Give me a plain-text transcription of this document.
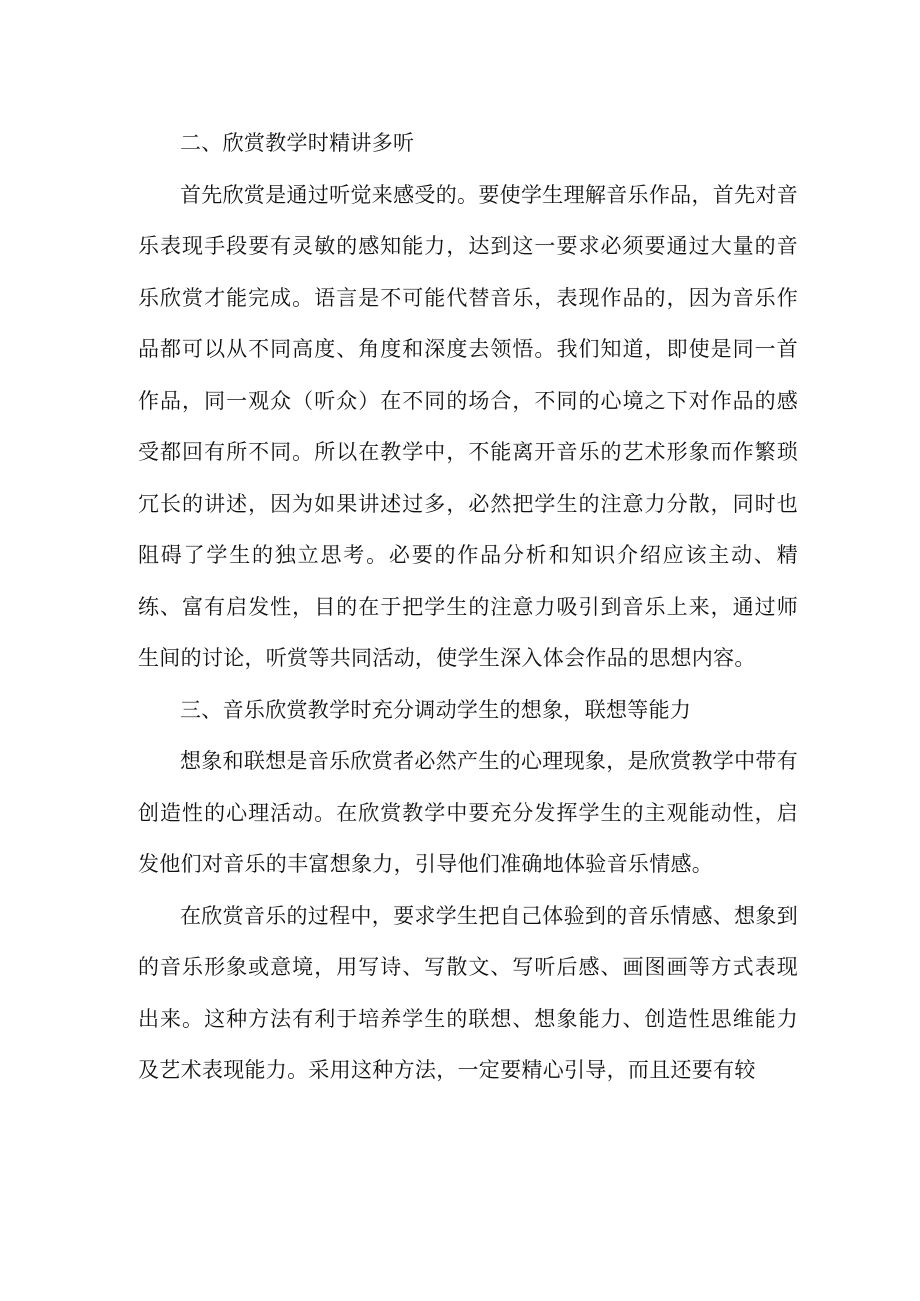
二、欣赏教学时精讲多听

首先欣赏是通过听觉来感受的。要使学生理解音乐作品，首先对音乐表现手段要有灵敏的感知能力，达到这一要求必须要通过大量的音乐欣赏才能完成。语言是不可能代替音乐，表现作品的，因为音乐作品都可以从不同高度、角度和深度去领悟。我们知道，即使是同一首作品，同一观众（听众）在不同的场合，不同的心境之下对作品的感受都回有所不同。所以在教学中，不能离开音乐的艺术形象而作繁琐冗长的讲述，因为如果讲述过多，必然把学生的注意力分散，同时也阻碍了学生的独立思考。必要的作品分析和知识介绍应该主动、精练、富有启发性，目的在于把学生的注意力吸引到音乐上来，通过师生间的讨论，听赏等共同活动，使学生深入体会作品的思想内容。

三、音乐欣赏教学时充分调动学生的想象，联想等能力

想象和联想是音乐欣赏者必然产生的心理现象，是欣赏教学中带有创造性的心理活动。在欣赏教学中要充分发挥学生的主观能动性，启发他们对音乐的丰富想象力，引导他们准确地体验音乐情感。

在欣赏音乐的过程中，要求学生把自己体验到的音乐情感、想象到的音乐形象或意境，用写诗、写散文、写听后感、画图画等方式表现出来。这种方法有利于培养学生的联想、想象能力、创造性思维能力及艺术表现能力。采用这种方法，一定要精心引导，而且还要有较
